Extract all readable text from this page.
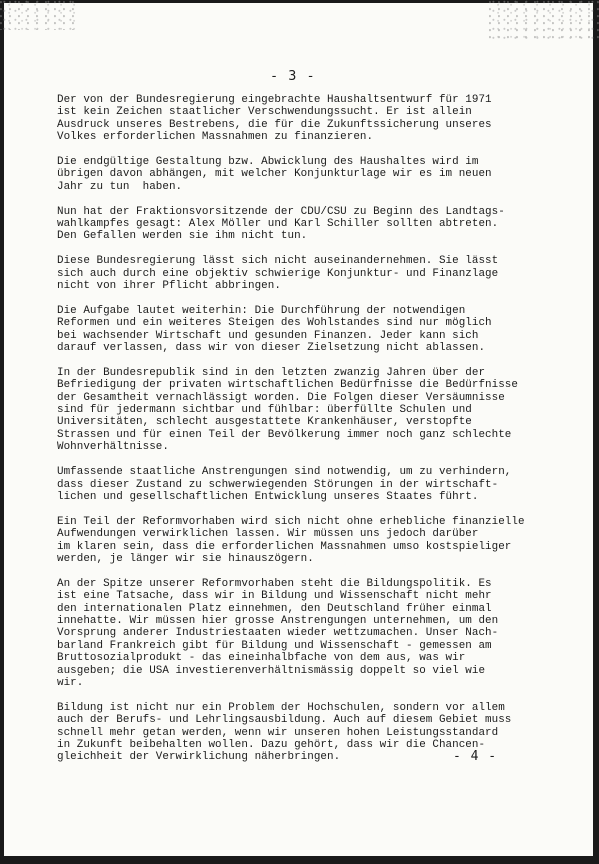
- 3 -
Der von der Bundesregierung eingebrachte Haushaltsentwurf für 1971
ist kein Zeichen staatlicher Verschwendungssucht. Er ist allein
Ausdruck unseres Bestrebens, die für die Zukunftssicherung unseres
Volkes erforderlichen Massnahmen zu finanzieren.
Die endgültige Gestaltung bzw. Abwicklung des Haushaltes wird im
übrigen davon abhängen, mit welcher Konjunkturlage wir es im neuen
Jahr zu tun  haben.
Nun hat der Fraktionsvorsitzende der CDU/CSU zu Beginn des Landtags-
wahlkampfes gesagt: Alex Möller und Karl Schiller sollten abtreten.
Den Gefallen werden sie ihm nicht tun.
Diese Bundesregierung lässt sich nicht auseinandernehmen. Sie lässt
sich auch durch eine objektiv schwierige Konjunktur- und Finanzlage
nicht von ihrer Pflicht abbringen.
Die Aufgabe lautet weiterhin: Die Durchführung der notwendigen
Reformen und ein weiteres Steigen des Wohlstandes sind nur möglich
bei wachsender Wirtschaft und gesunden Finanzen. Jeder kann sich
darauf verlassen, dass wir von dieser Zielsetzung nicht ablassen.
In der Bundesrepublik sind in den letzten zwanzig Jahren über der
Befriedigung der privaten wirtschaftlichen Bedürfnisse die Bedürfnisse
der Gesamtheit vernachlässigt worden. Die Folgen dieser Versäumnisse
sind für jedermann sichtbar und fühlbar: überfüllte Schulen und
Universitäten, schlecht ausgestattete Krankenhäuser, verstopfte
Strassen und für einen Teil der Bevölkerung immer noch ganz schlechte
Wohnverhältnisse.
Umfassende staatliche Anstrengungen sind notwendig, um zu verhindern,
dass dieser Zustand zu schwerwiegenden Störungen in der wirtschaft-
lichen und gesellschaftlichen Entwicklung unseres Staates führt.
Ein Teil der Reformvorhaben wird sich nicht ohne erhebliche finanzielle
Aufwendungen verwirklichen lassen. Wir müssen uns jedoch darüber
im klaren sein, dass die erforderlichen Massnahmen umso kostspieliger
werden, je länger wir sie hinauszögern.
An der Spitze unserer Reformvorhaben steht die Bildungspolitik. Es
ist eine Tatsache, dass wir in Bildung und Wissenschaft nicht mehr
den internationalen Platz einnehmen, den Deutschland früher einmal
innehatte. Wir müssen hier grosse Anstrengungen unternehmen, um den
Vorsprung anderer Industriestaaten wieder wettzumachen. Unser Nach-
barland Frankreich gibt für Bildung und Wissenschaft - gemessen am
Bruttosozialprodukt - das eineinhalbfache von dem aus, was wir
ausgeben; die USA investierenverhältnismässig doppelt so viel wie
wir.
Bildung ist nicht nur ein Problem der Hochschulen, sondern vor allem
auch der Berufs- und Lehrlingsausbildung. Auch auf diesem Gebiet muss
schnell mehr getan werden, wenn wir unseren hohen Leistungsstandard
in Zukunft beibehalten wollen. Dazu gehört, dass wir die Chancen-
gleichheit der Verwirklichung näherbringen.	- 4 -
